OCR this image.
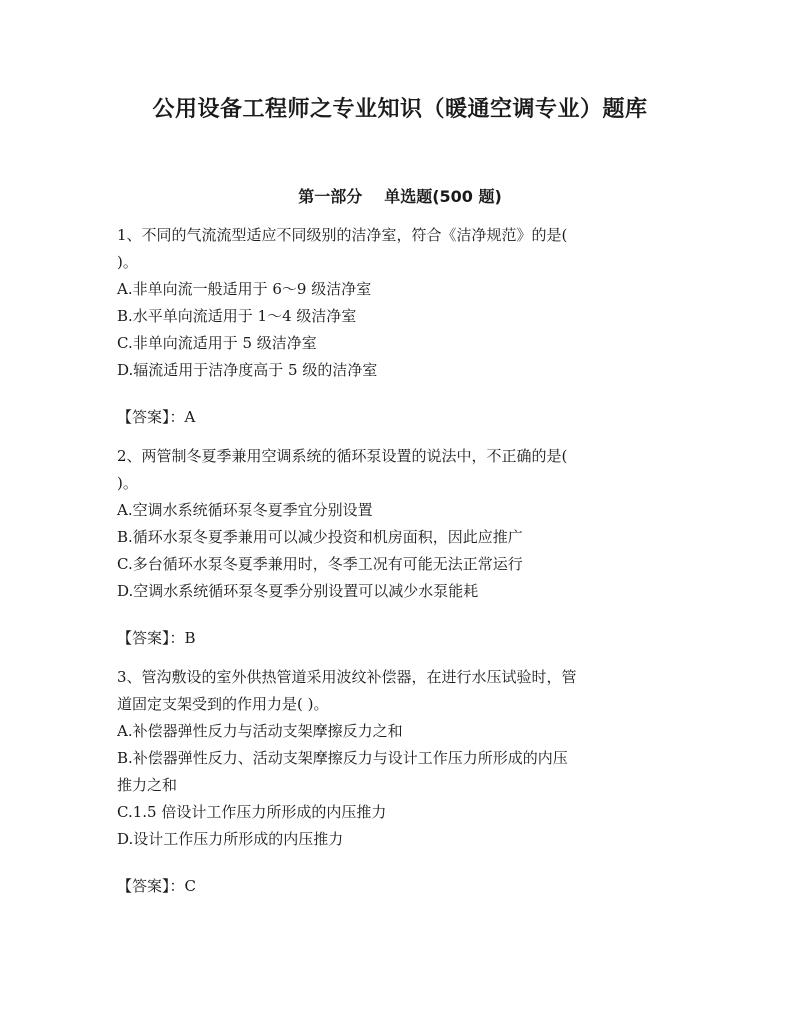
公用设备工程师之专业知识（暖通空调专业）题库
第一部分 单选题(500 题)

1、不同的气流流型适应不同级别的洁净室，符合《洁净规范》的是(
)。

A.非单向流一般适用于 6～9 级洁净室

B.水平单向流适用于 1～4 级洁净室

C.非单向流适用于 5 级洁净室

D.辐流适用于洁净度高于 5 级的洁净室

【答案】：A

2、两管制冬夏季兼用空调系统的循环泵设置的说法中，不正确的是(
)。

A.空调水系统循环泵冬夏季宜分别设置

B.循环水泵冬夏季兼用可以减少投资和机房面积，因此应推广

C.多台循环水泵冬夏季兼用时，冬季工况有可能无法正常运行

D.空调水系统循环泵冬夏季分别设置可以减少水泵能耗

【答案】：B

3、管沟敷设的室外供热管道采用波纹补偿器，在进行水压试验时，管
道固定支架受到的作用力是( )。

A.补偿器弹性反力与活动支架摩擦反力之和

B.补偿器弹性反力、活动支架摩擦反力与设计工作压力所形成的内压
推力之和

C.1.5 倍设计工作压力所形成的内压推力

D.设计工作压力所形成的内压推力

【答案】：C
